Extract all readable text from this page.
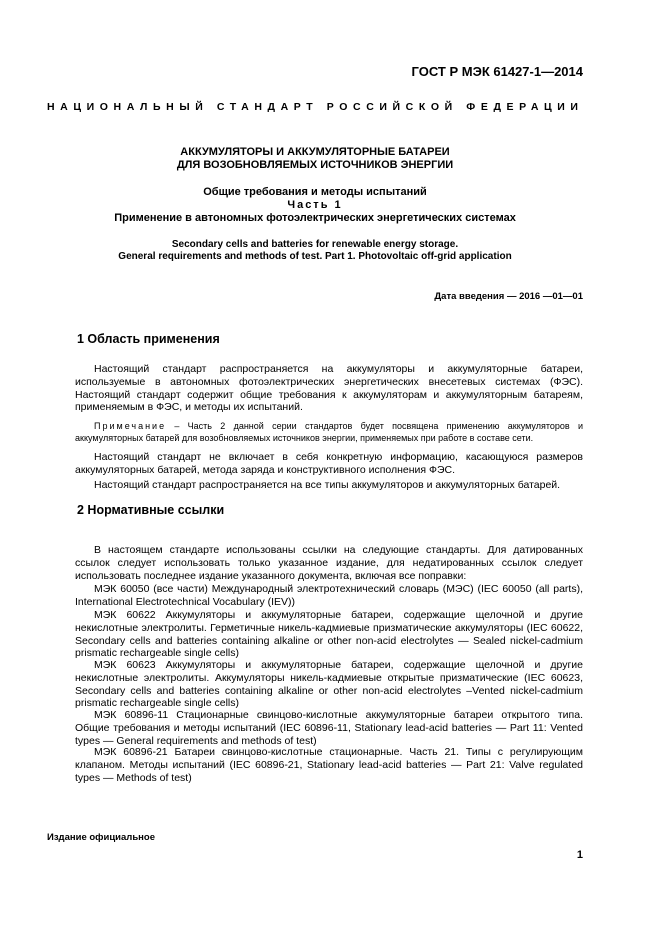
ГОСТ Р МЭК 61427-1—2014
НАЦИОНАЛЬНЫЙ СТАНДАРТ РОССИЙСКОЙ ФЕДЕРАЦИИ
АККУМУЛЯТОРЫ И АККУМУЛЯТОРНЫЕ БАТАРЕИ
ДЛЯ ВОЗОБНОВЛЯЕМЫХ ИСТОЧНИКОВ ЭНЕРГИИ
Общие требования и методы испытаний
Часть 1
Применение в автономных фотоэлектрических энергетических системах
Secondary cells and batteries for renewable energy storage.
General requirements and methods of test. Part 1. Photovoltaic off-grid application
Дата введения — 2016 —01—01
1 Область применения

Настоящий стандарт распространяется на аккумуляторы и аккумуляторные батареи, используемые в автономных фотоэлектрических энергетических внесетевых системах (ФЭС). Настоящий стандарт содержит общие требования к аккумуляторам и аккумуляторным батареям, применяемым в ФЭС, и методы их испытаний.

Примечание – Часть 2 данной серии стандартов будет посвящена применению аккумуляторов и аккумуляторных батарей для возобновляемых источников энергии, применяемых при работе в составе сети.

Настоящий стандарт не включает в себя конкретную информацию, касающуюся размеров аккумуляторных батарей, метода заряда и конструктивного исполнения ФЭС.

Настоящий стандарт распространяется на все типы аккумуляторов и аккумуляторных батарей.

2 Нормативные ссылки

В настоящем стандарте использованы ссылки на следующие стандарты. Для датированных ссылок следует использовать только указанное издание, для недатированных ссылок следует использовать последнее издание указанного документа, включая все поправки:

МЭК 60050 (все части) Международный электротехнический словарь (МЭС) (IEC 60050 (all parts), International Electrotechnical Vocabulary (IEV))

МЭК 60622 Аккумуляторы и аккумуляторные батареи, содержащие щелочной и другие некислотные электролиты. Герметичные никель-кадмиевые призматические аккумуляторы (IEC 60622, Secondary cells and batteries containing alkaline or other non-acid electrolytes — Sealed nickel-cadmium prismatic rechargeable single cells)

МЭК 60623 Аккумуляторы и аккумуляторные батареи, содержащие щелочной и другие некислотные электролиты. Аккумуляторы никель-кадмиевые открытые призматические (IEC 60623, Secondary cells and batteries containing alkaline or other non-acid electrolytes –Vented nickel-cadmium prismatic rechargeable single cells)

МЭК 60896-11 Стационарные свинцово-кислотные аккумуляторные батареи открытого типа. Общие требования и методы испытаний (IEC 60896-11, Stationary lead-acid batteries — Part 11: Vented types — General requirements and methods of test)

МЭК 60896-21 Батареи свинцово-кислотные стационарные. Часть 21. Типы с регулирующим клапаном. Методы испытаний (IEC 60896-21, Stationary lead-acid batteries — Part 21: Valve regulated types — Methods of test)

Издание официальное
1
